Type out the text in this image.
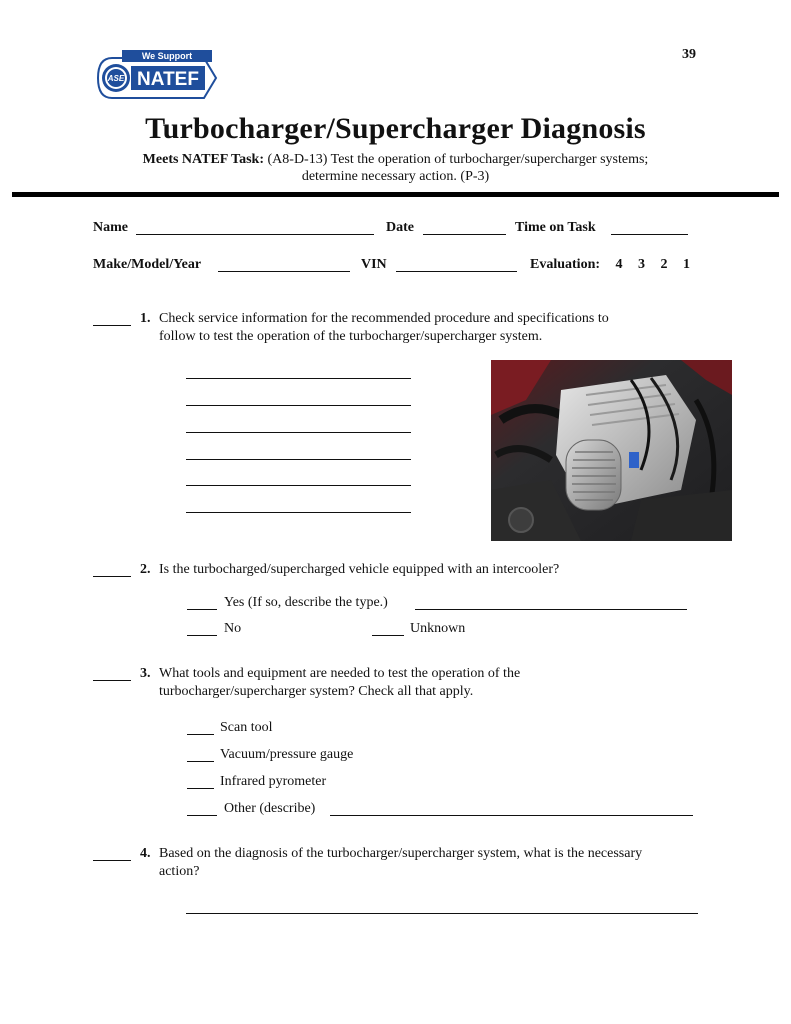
39
We Support
ASE NATEF
Turbocharger/Supercharger Diagnosis
Meets NATEF Task: (A8-D-13) Test the operation of turbocharger/supercharger systems;
determine necessary action. (P-3)
Name	Date	Time on Task
Make/Model/Year	VIN	Evaluation: 4 3 2 1
1. Check service information for the recommended procedure and specifications to
follow to test the operation of the turbocharger/supercharger system.
2. Is the turbocharged/supercharged vehicle equipped with an intercooler?
Yes (If so, describe the type.)
No	Unknown
3. What tools and equipment are needed to test the operation of the
turbocharger/supercharger system? Check all that apply.
Scan tool
Vacuum/pressure gauge
Infrared pyrometer
Other (describe)
4. Based on the diagnosis of the turbocharger/supercharger system, what is the necessary
action?
